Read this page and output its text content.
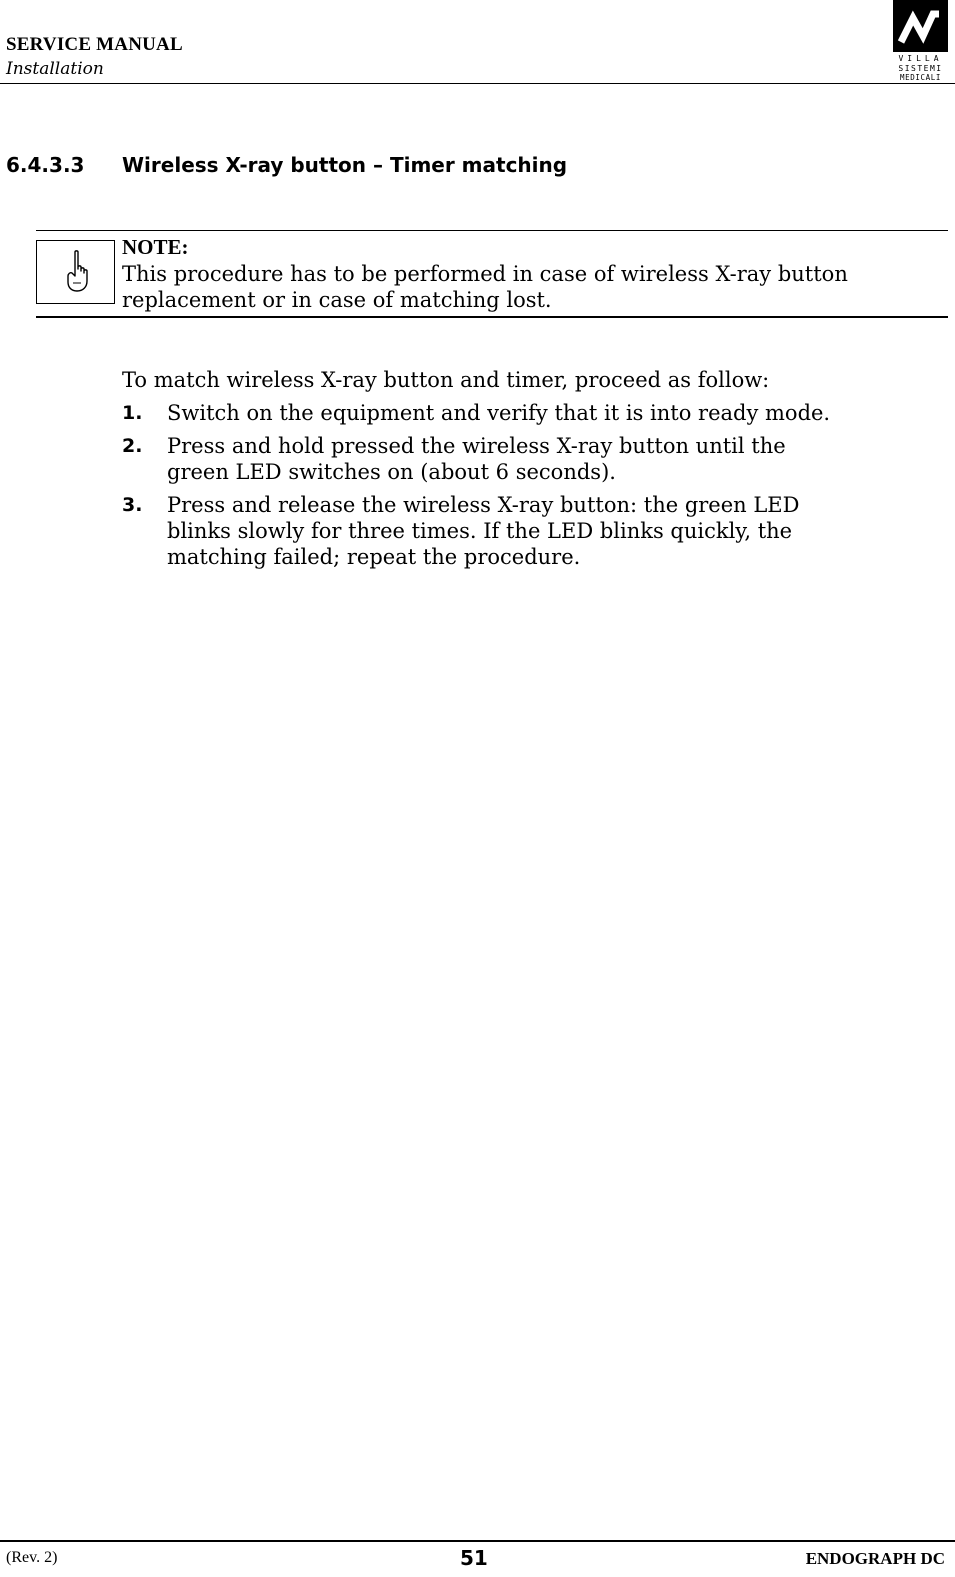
SERVICE MANUAL
Installation
VILLA
SISTEMI
MEDICALI
6.4.3.3 Wireless X-ray button – Timer matching
NOTE:
This procedure has to be performed in case of wireless X-ray button replacement or in case of matching lost.
To match wireless X-ray button and timer, proceed as follow:
1. Switch on the equipment and verify that it is into ready mode.
2. Press and hold pressed the wireless X-ray button until the green LED switches on (about 6 seconds).
3. Press and release the wireless X-ray button: the green LED blinks slowly for three times. If the LED blinks quickly, the matching failed; repeat the procedure.
(Rev. 2)	51	ENDOGRAPH DC
